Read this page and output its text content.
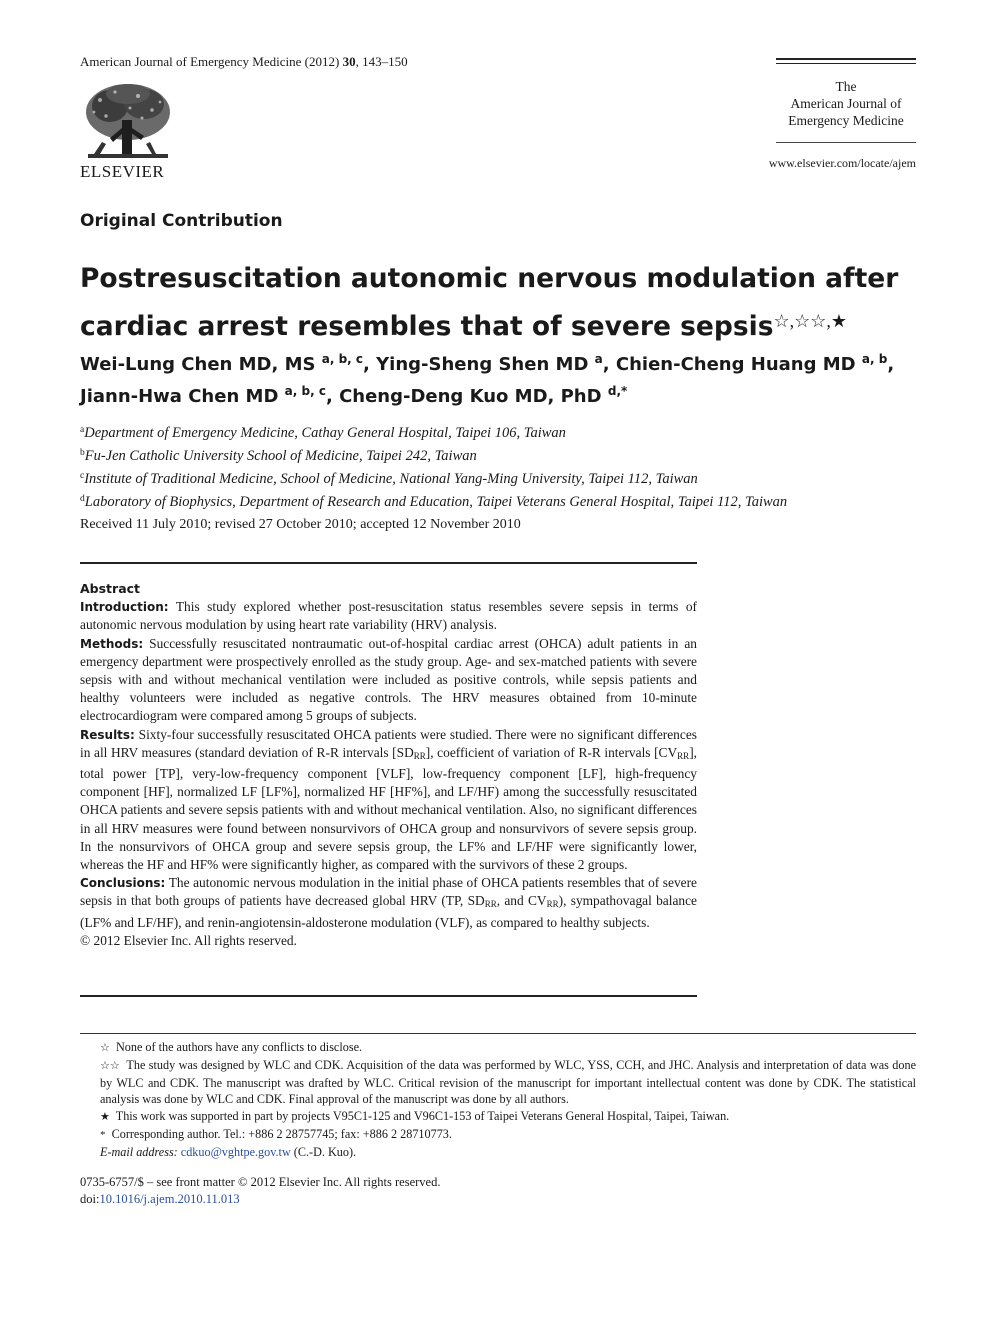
American Journal of Emergency Medicine (2012) 30, 143–150
ELSEVIER
The
American Journal of
Emergency Medicine
www.elsevier.com/locate/ajem
Original Contribution
Postresuscitation autonomic nervous modulation after
cardiac arrest resembles that of severe sepsis☆,☆☆,★
Wei-Lung Chen MD, MS $^{a, b, c}$, Ying-Sheng Shen MD $^a$, Chien-Cheng Huang MD $^{a, b}$,
Jiann-Hwa Chen MD $^{a, b, c}$, Cheng-Deng Kuo MD, PhD $^{d,*}$
$^a$Department of Emergency Medicine, Cathay General Hospital, Taipei 106, Taiwan
$^b$Fu-Jen Catholic University School of Medicine, Taipei 242, Taiwan
$^c$Institute of Traditional Medicine, School of Medicine, National Yang-Ming University, Taipei 112, Taiwan
$^d$Laboratory of Biophysics, Department of Research and Education, Taipei Veterans General Hospital, Taipei 112, Taiwan
Received 11 July 2010; revised 27 October 2010; accepted 12 November 2010
Abstract

Introduction: This study explored whether post-resuscitation status resembles severe sepsis in terms of autonomic nervous modulation by using heart rate variability (HRV) analysis.

Methods: Successfully resuscitated nontraumatic out-of-hospital cardiac arrest (OHCA) adult patients in an emergency department were prospectively enrolled as the study group. Age- and sex-matched patients with severe sepsis with and without mechanical ventilation were included as positive controls, while sepsis patients and healthy volunteers were included as negative controls. The HRV measures obtained from 10-minute electrocardiogram were compared among 5 groups of subjects.

Results: Sixty-four successfully resuscitated OHCA patients were studied. There were no significant differences in all HRV measures (standard deviation of R-R intervals $[SD_{RR}]$, coefficient of variation of R-R intervals $[CV_{RR}]$, total power [TP], very-low-frequency component [VLF], low-frequency component [LF], high-frequency component [HF], normalized LF [LF%], normalized HF [HF%], and LF/HF) among the successfully resuscitated OHCA patients and severe sepsis patients with and without mechanical ventilation. Also, no significant differences in all HRV measures were found between nonsurvivors of OHCA group and nonsurvivors of severe sepsis group. In the nonsurvivors of OHCA group and severe sepsis group, the LF% and LF/HF were significantly lower, whereas the HF and HF% were significantly higher, as compared with the survivors of these 2 groups.

Conclusions: The autonomic nervous modulation in the initial phase of OHCA patients resembles that of severe sepsis in that both groups of patients have decreased global HRV (TP, $SD_{RR}$, and $CV_{RR}$), sympathovagal balance (LF% and LF/HF), and renin-angiotensin-aldosterone modulation (VLF), as compared to healthy subjects.

© 2012 Elsevier Inc. All rights reserved.

☆ None of the authors have any conflicts to disclose.

☆☆ The study was designed by WLC and CDK. Acquisition of the data was performed by WLC, YSS, CCH, and JHC. Analysis and interpretation of data was done by WLC and CDK. The manuscript was drafted by WLC. Critical revision of the manuscript for important intellectual content was done by CDK. The statistical analysis was done by WLC and CDK. Final approval of the manuscript was done by all authors.

★ This work was supported in part by projects V95C1-125 and V96C1-153 of Taipei Veterans General Hospital, Taipei, Taiwan.

* Corresponding author. Tel.: +886 2 28757745; fax: +886 2 28710773.

E-mail address: cdkuo@vghtpe.gov.tw (C.-D. Kuo).

0735-6757/$ – see front matter © 2012 Elsevier Inc. All rights reserved.
doi:10.1016/j.ajem.2010.11.013
